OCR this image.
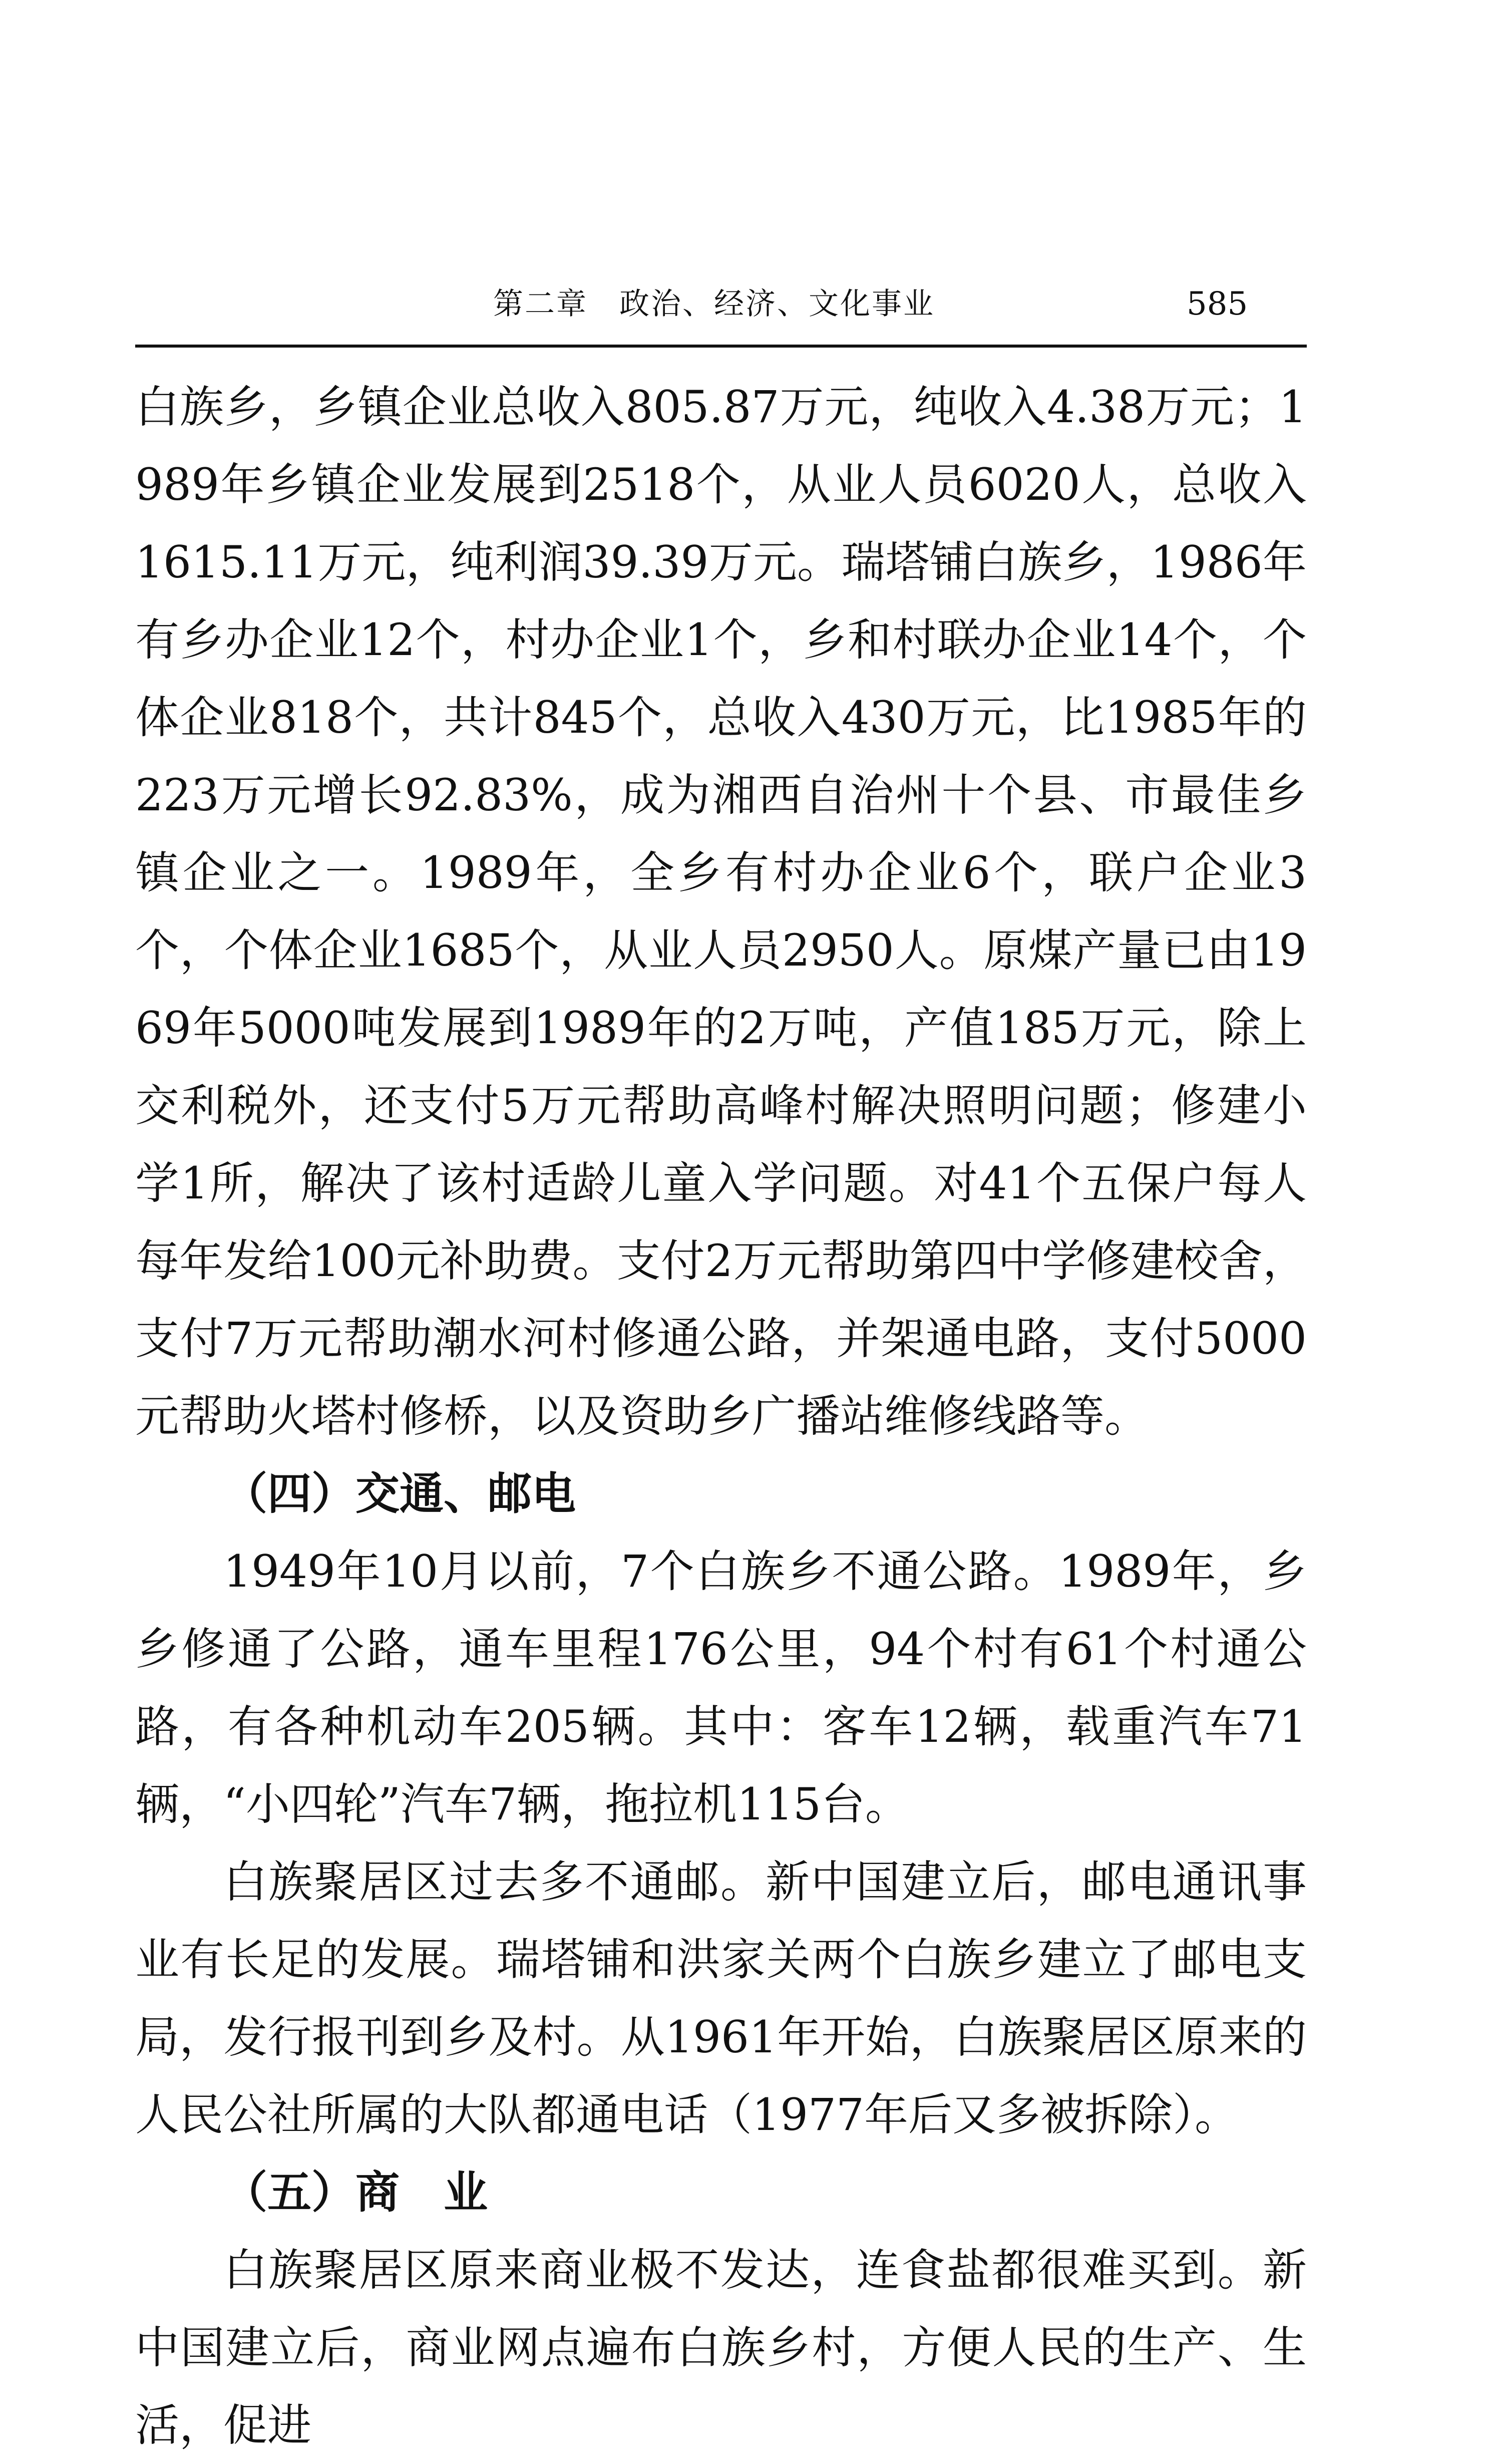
第二章　政治、经济、文化事业	585

白族乡，乡镇企业总收入805.87万元，纯收入4.38万元；1989年乡镇企业发展到2518个，从业人员6020人，总收入1615.11万元，纯利润39.39万元。瑞塔铺白族乡，1986年有乡办企业12个，村办企业1个，乡和村联办企业14个，个体企业818个，共计845个，总收入430万元，比1985年的223万元增长92.83%，成为湘西自治州十个县、市最佳乡镇企业之一。1989年，全乡有村办企业6个，联户企业3个，个体企业1685个，从业人员2950人。原煤产量已由1969年5000吨发展到1989年的2万吨，产值185万元，除上交利税外，还支付5万元帮助高峰村解决照明问题；修建小学1所，解决了该村适龄儿童入学问题。对41个五保户每人每年发给100元补助费。支付2万元帮助第四中学修建校舍，支付7万元帮助潮水河村修通公路，并架通电路，支付5000元帮助火塔村修桥，以及资助乡广播站维修线路等。

（四）交通、邮电

1949年10月以前，7个白族乡不通公路。1989年，乡乡修通了公路，通车里程176公里，94个村有61个村通公路，有各种机动车205辆。其中：客车12辆，载重汽车71辆，“小四轮”汽车7辆，拖拉机115台。

白族聚居区过去多不通邮。新中国建立后，邮电通讯事业有长足的发展。瑞塔铺和洪家关两个白族乡建立了邮电支局，发行报刊到乡及村。从1961年开始，白族聚居区原来的人民公社所属的大队都通电话（1977年后又多被拆除）。

（五）商　业

白族聚居区原来商业极不发达，连食盐都很难买到。新中国建立后，商业网点遍布白族乡村，方便人民的生产、生活，促进
